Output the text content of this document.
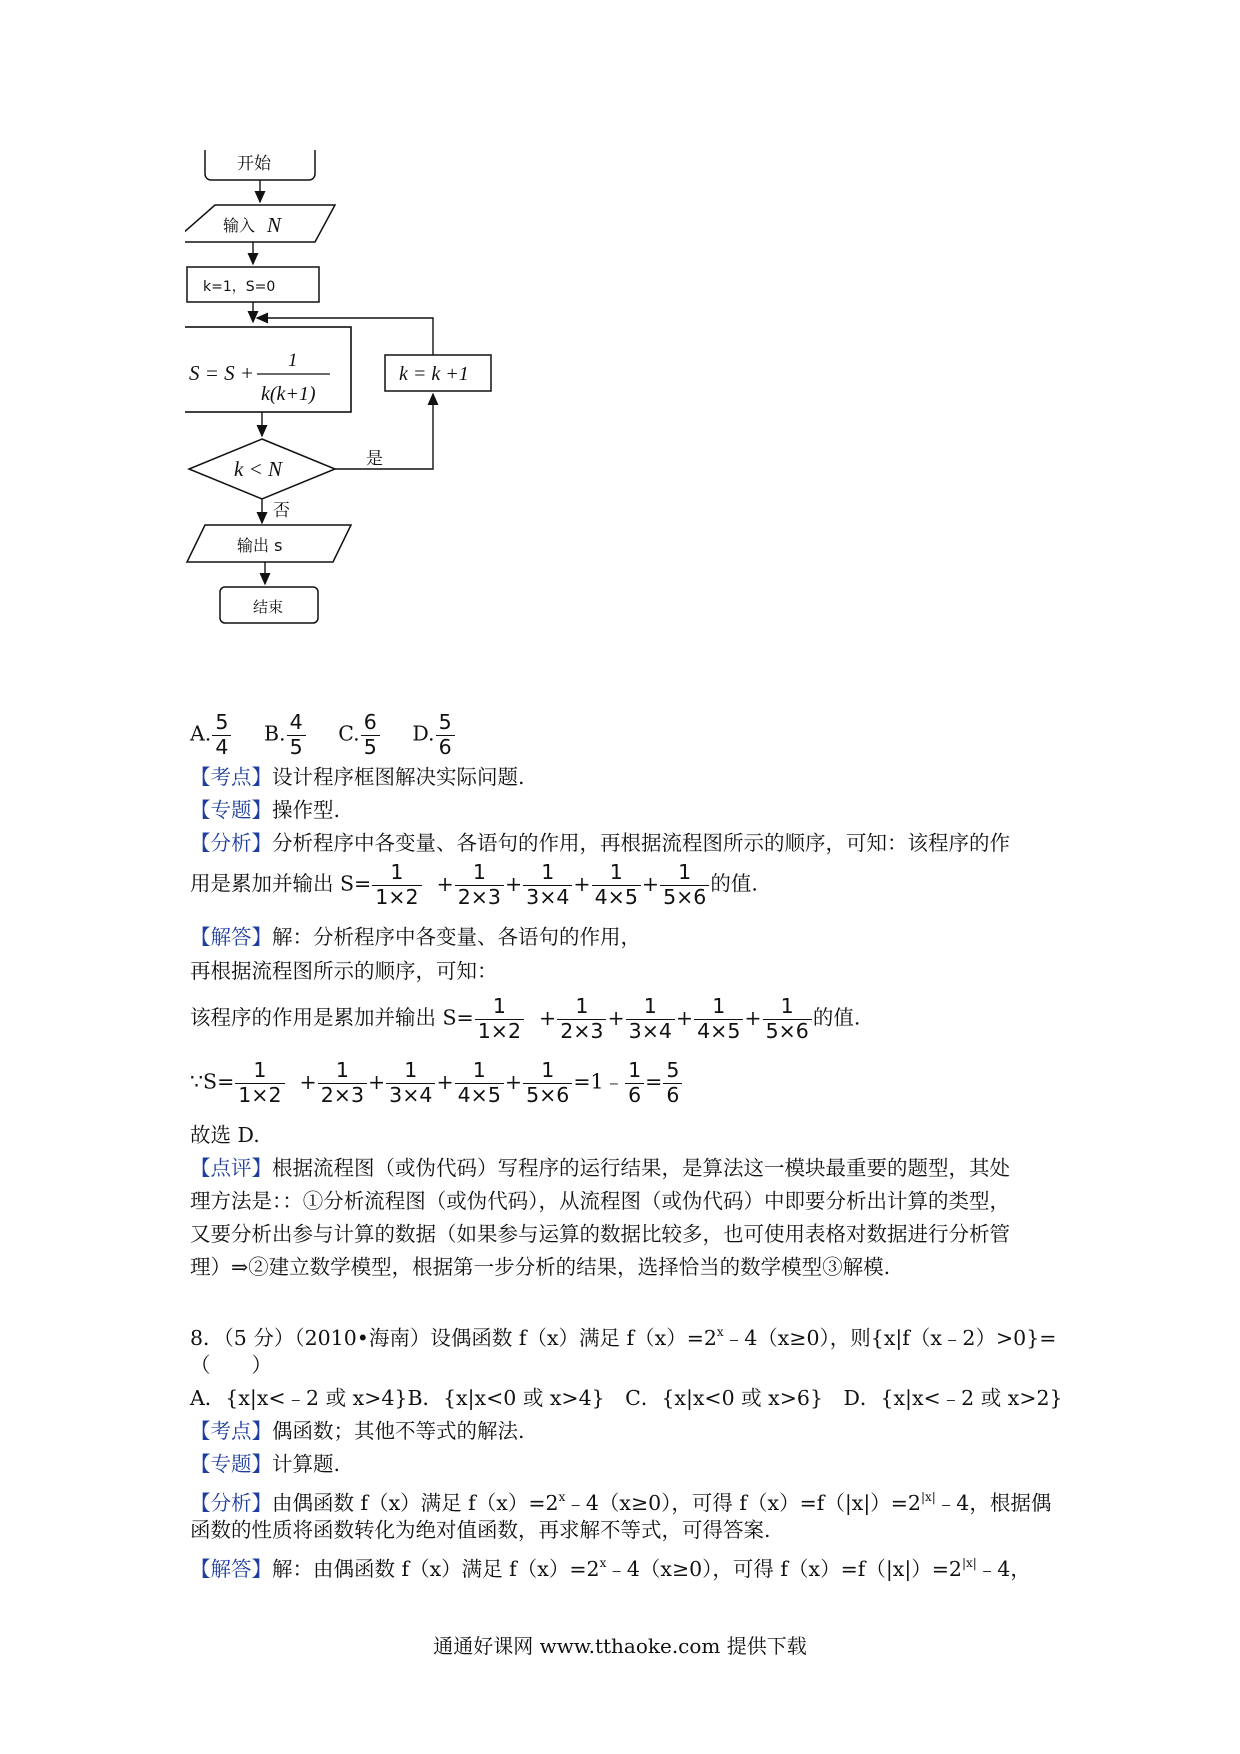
开始
输入 N
k=1，S=0
S = S +
1
k(k+1)
k = k +1
k < N	是
否
输出 s
结束
A. $\frac{5}{4} B$. $\frac{4}{5} C$. $\frac{6}{5} D$. $\frac{5}{6}$
【考点】设计程序框图解决实际问题.
【专题】操作型.
【分析】分析程序中各变量、各语句的作用，再根据流程图所示的顺序，可知：该程序的作
用是累加并输出 $S= \frac{1}{1\times 2} + \frac{1}{2\times 3} + \frac{1}{3\times 4} + \frac{1}{4\times 5} + \frac{1}{5\times 6}$ 的值.
【解答】解：分析程序中各变量、各语句的作用，
再根据流程图所示的顺序，可知：
该程序的作用是累加并输出 $S= \frac{1}{1\times 2} + \frac{1}{2\times 3} + \frac{1}{3\times 4} + \frac{1}{4\times 5} + \frac{1}{5\times 6}$ 的值.
∵S= $\frac{1}{1\times 2} + \frac{1}{2\times 3} + \frac{1}{3\times 4} + \frac{1}{4\times 5} + \frac{1}{5\times 6}$ =1﹣ $\frac{1}{6} = \frac{5}{6}$
故选 D.
【点评】根据流程图（或伪代码）写程序的运行结果，是算法这一模块最重要的题型，其处
理方法是：：①分析流程图（或伪代码），从流程图（或伪代码）中即要分析出计算的类型，
又要分析出参与计算的数据（如果参与运算的数据比较多，也可使用表格对数据进行分析管
理）⇒②建立数学模型，根据第一步分析的结果，选择恰当的数学模型③解模.
8．（5 分）（2010•海南）设偶函数 f（x）满足 $f(x)=2^x﹣4(x\ge 0)$，则{x|f（x﹣2）>0}=
（　　）
A．{x|x<﹣2 或 x>4}B．{x|x<0 或 x>4}　C．{x|x<0 或 x>6}　D．{x|x<﹣2 或 x>2}
【考点】偶函数；其他不等式的解法.
【专题】计算题.
【分析】由偶函数 f（x）满足 $f(x)=2^x﹣4(x\ge 0)$，可得 $f(x)=f(|x|)=2^{|x|}﹣4$，根据偶
函数的性质将函数转化为绝对值函数，再求解不等式，可得答案.
【解答】解：由偶函数 f（x）满足 $f(x)=2^x﹣4(x\ge 0)$，可得 $f(x)=f(|x|)=2^{|x|}﹣4$，
通通好课网 www.tthaoke.com 提供下载
